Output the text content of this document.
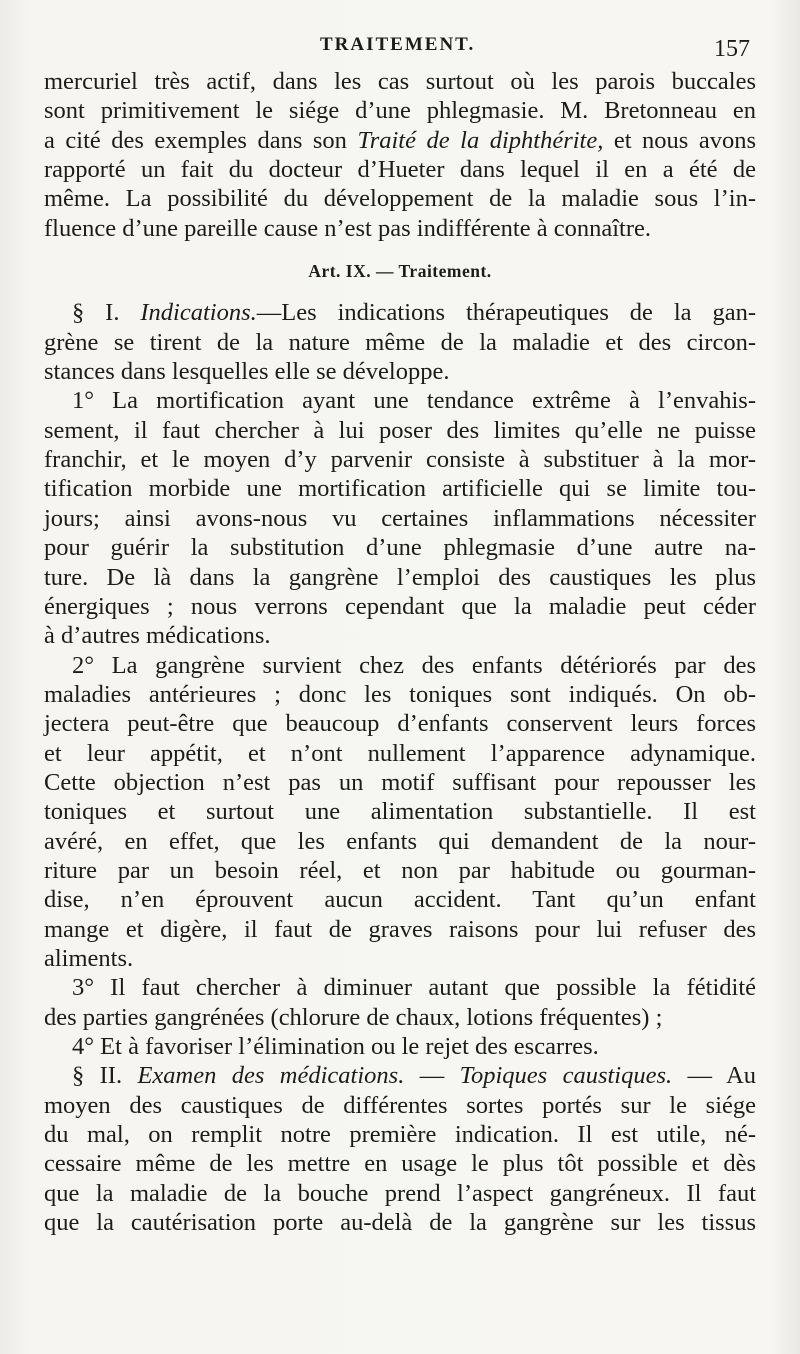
TRAITEMENT.	157
mercuriel très actif, dans les cas surtout où les parois buccales
sont primitivement le siége d’une phlegmasie. M. Bretonneau en
a cité des exemples dans son Traité de la diphthérite, et nous avons
rapporté un fait du docteur d’Hueter dans lequel il en a été de
même. La possibilité du développement de la maladie sous l’in-
fluence d’une pareille cause n’est pas indifférente à connaître.
Art. IX. — Traitement.
§ I. Indications.—Les indications thérapeutiques de la gan-
grène se tirent de la nature même de la maladie et des circon-
stances dans lesquelles elle se développe.
1° La mortification ayant une tendance extrême à l’envahis-
sement, il faut chercher à lui poser des limites qu’elle ne puisse
franchir, et le moyen d’y parvenir consiste à substituer à la mor-
tification morbide une mortification artificielle qui se limite tou-
jours; ainsi avons-nous vu certaines inflammations nécessiter
pour guérir la substitution d’une phlegmasie d’une autre na-
ture. De là dans la gangrène l’emploi des caustiques les plus
énergiques ; nous verrons cependant que la maladie peut céder
à d’autres médications.
2° La gangrène survient chez des enfants détériorés par des
maladies antérieures ; donc les toniques sont indiqués. On ob-
jectera peut-être que beaucoup d’enfants conservent leurs forces
et leur appétit, et n’ont nullement l’apparence adynamique.
Cette objection n’est pas un motif suffisant pour repousser les
toniques et surtout une alimentation substantielle. Il est
avéré, en effet, que les enfants qui demandent de la nour-
riture par un besoin réel, et non par habitude ou gourman-
dise, n’en éprouvent aucun accident. Tant qu’un enfant
mange et digère, il faut de graves raisons pour lui refuser des
aliments.
3° Il faut chercher à diminuer autant que possible la fétidité
des parties gangrénées (chlorure de chaux, lotions fréquentes) ;
4° Et à favoriser l’élimination ou le rejet des escarres.
§ II. Examen des médications. — Topiques caustiques. — Au
moyen des caustiques de différentes sortes portés sur le siége
du mal, on remplit notre première indication. Il est utile, né-
cessaire même de les mettre en usage le plus tôt possible et dès
que la maladie de la bouche prend l’aspect gangréneux. Il faut
que la cautérisation porte au-delà de la gangrène sur les tissus
